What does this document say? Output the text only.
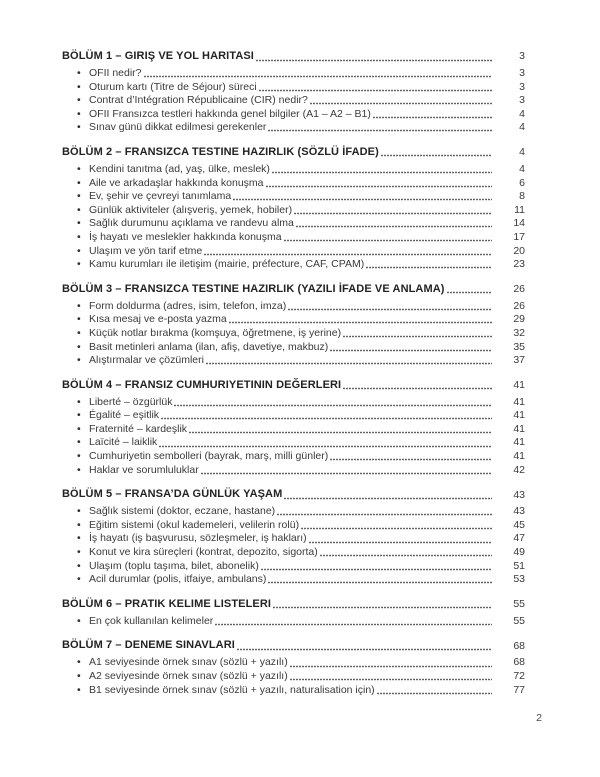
BÖLÜM 1 – GIRIŞ VE YOL HARITASI	3
• OFII nedir?	3
• Oturum kartı (Titre de Séjour) süreci	3
• Contrat d’Intégration Républicaine (CIR) nedir?	3
• OFII Fransızca testleri hakkında genel bilgiler (A1 – A2 – B1)	4
• Sınav günü dikkat edilmesi gerekenler	4
BÖLÜM 2 – FRANSIZCA TESTINE HAZIRLIK (SÖZLÜ İFADE)	4
• Kendini tanıtma (ad, yaş, ülke, meslek)	4
• Aile ve arkadaşlar hakkında konuşma	6
• Ev, şehir ve çevreyi tanımlama	8
• Günlük aktiviteler (alışveriş, yemek, hobiler)	11
• Sağlık durumunu açıklama ve randevu alma	14
• İş hayatı ve meslekler hakkında konuşma	17
• Ulaşım ve yön tarif etme	20
• Kamu kurumları ile iletişim (mairie, préfecture, CAF, CPAM)	23
BÖLÜM 3 – FRANSIZCA TESTINE HAZIRLIK (YAZILI İFADE VE ANLAMA)	26
• Form doldurma (adres, isim, telefon, imza)	26
• Kısa mesaj ve e-posta yazma	29
• Küçük notlar bırakma (komşuya, öğretmene, iş yerine)	32
• Basit metinleri anlama (ilan, afiş, davetiye, makbuz)	35
• Alıştırmalar ve çözümleri	37
BÖLÜM 4 – FRANSIZ CUMHURIYETININ DEĞERLERI	41
• Liberté – özgürlük	41
• Égalité – eşitlik	41
• Fraternité – kardeşlik	41
• Laïcité – laiklik	41
• Cumhuriyetin sembolleri (bayrak, marş, milli günler)	41
• Haklar ve sorumluluklar	42
BÖLÜM 5 – FRANSA’DA GÜNLÜK YAŞAM	43
• Sağlık sistemi (doktor, eczane, hastane)	43
• Eğitim sistemi (okul kademeleri, velilerin rolü)	45
• İş hayatı (iş başvurusu, sözleşmeler, iş hakları)	47
• Konut ve kira süreçleri (kontrat, depozito, sigorta)	49
• Ulaşım (toplu taşıma, bilet, abonelik)	51
• Acil durumlar (polis, itfaiye, ambulans)	53
BÖLÜM 6 – PRATIK KELIME LISTELERI	55
• En çok kullanılan kelimeler	55
BÖLÜM 7 – DENEME SINAVLARI	68
• A1 seviyesinde örnek sınav (sözlü + yazılı)	68
• A2 seviyesinde örnek sınav (sözlü + yazılı)	72
• B1 seviyesinde örnek sınav (sözlü + yazılı, naturalisation için)	77
2
